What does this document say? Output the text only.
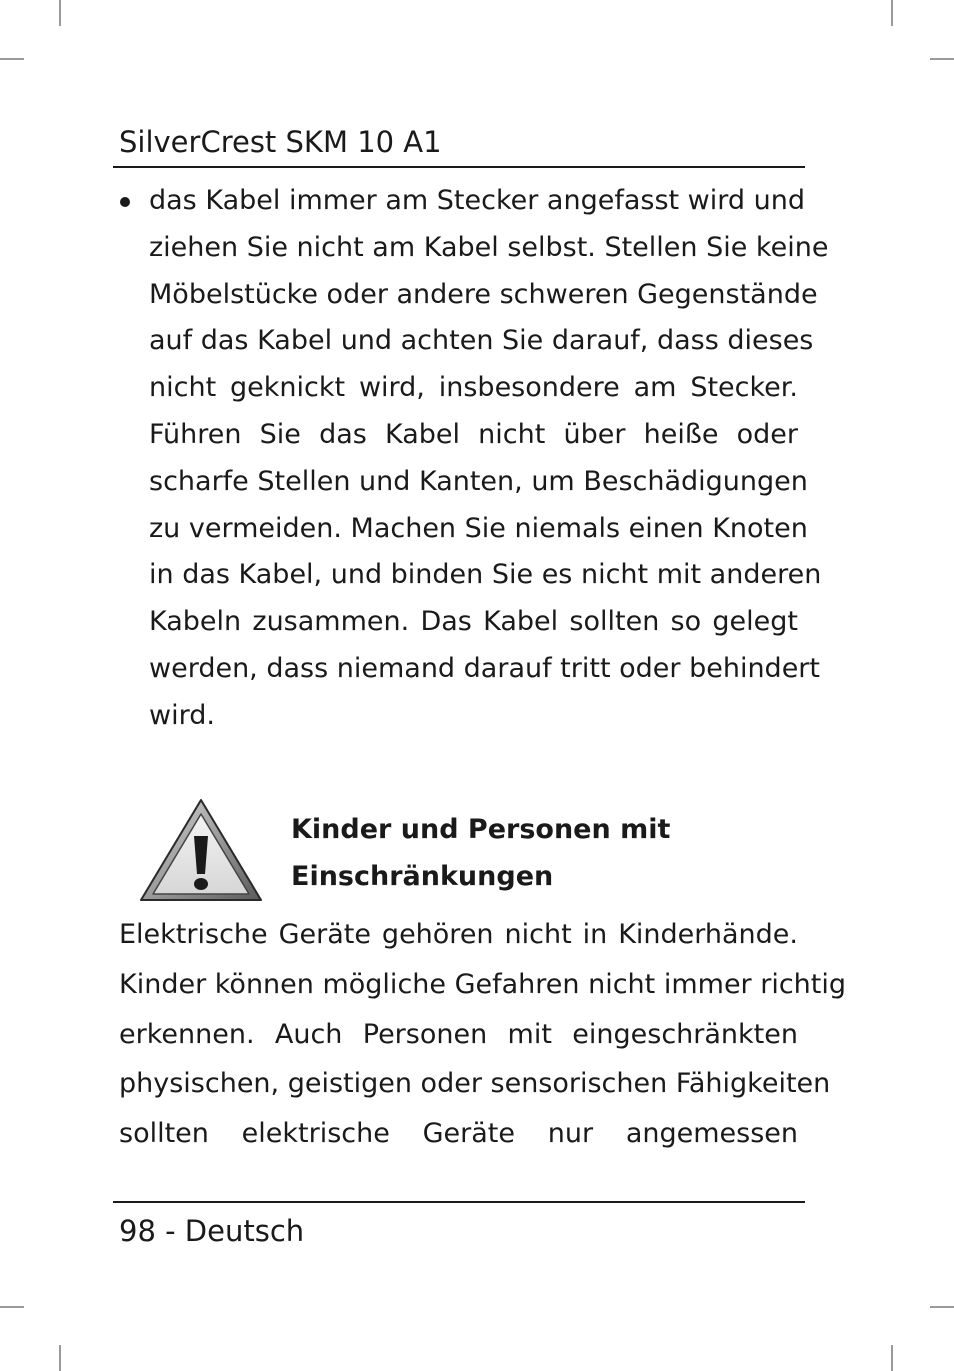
SilverCrest SKM 10 A1
das Kabel immer am Stecker angefasst wird und
ziehen Sie nicht am Kabel selbst. Stellen Sie keine
Möbelstücke oder andere schweren Gegenstände
auf das Kabel und achten Sie darauf, dass dieses
nicht geknickt wird, insbesondere am Stecker.
Führen Sie das Kabel nicht über heiße oder
scharfe Stellen und Kanten, um Beschädigungen
zu vermeiden. Machen Sie niemals einen Knoten
in das Kabel, und binden Sie es nicht mit anderen
Kabeln zusammen. Das Kabel sollten so gelegt
werden, dass niemand darauf tritt oder behindert
wird.
Kinder und Personen mit
Einschränkungen
Elektrische Geräte gehören nicht in Kinderhände.
Kinder können mögliche Gefahren nicht immer richtig
erkennen. Auch Personen mit eingeschränkten
physischen, geistigen oder sensorischen Fähigkeiten
sollten elektrische Geräte nur angemessen
98 - Deutsch
